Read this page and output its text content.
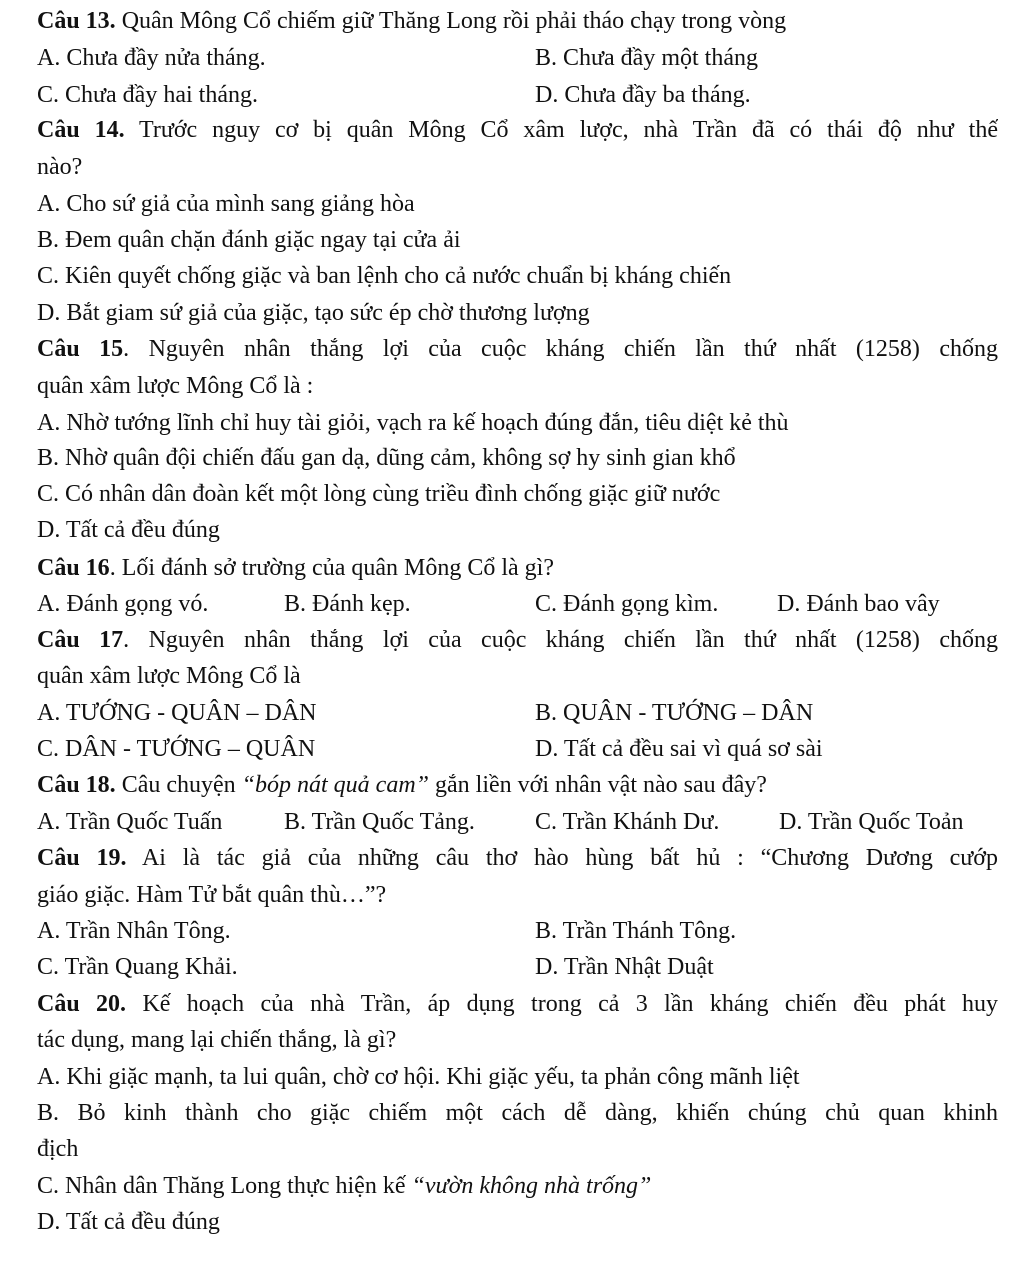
Câu 13. Quân Mông Cổ chiếm giữ Thăng Long rồi phải tháo chạy trong vòng
A. Chưa đầy nửa tháng.	B. Chưa đầy một tháng
C. Chưa đầy hai tháng.	D. Chưa đầy ba tháng.
Câu 14. Trước nguy cơ bị quân Mông Cổ xâm lược, nhà Trần đã có thái độ như thế
nào?
A. Cho sứ giả của mình sang giảng hòa
B. Đem quân chặn đánh giặc ngay tại cửa ải
C. Kiên quyết chống giặc và ban lệnh cho cả nước chuẩn bị kháng chiến
D. Bắt giam sứ giả của giặc, tạo sức ép chờ thương lượng
Câu 15. Nguyên nhân thắng lợi của cuộc kháng chiến lần thứ nhất (1258) chống
quân xâm lược Mông Cổ là :
A. Nhờ tướng lĩnh chỉ huy tài giỏi, vạch ra kế hoạch đúng đắn, tiêu diệt kẻ thù
B. Nhờ quân đội chiến đấu gan dạ, dũng cảm, không sợ hy sinh gian khổ
C. Có nhân dân đoàn kết một lòng cùng triều đình chống giặc giữ nước
D. Tất cả đều đúng
Câu 16. Lối đánh sở trường của quân Mông Cổ là gì?
A. Đánh gọng vó.	B. Đánh kẹp.	C. Đánh gọng kìm. D. Đánh bao vây
Câu 17. Nguyên nhân thắng lợi của cuộc kháng chiến lần thứ nhất (1258) chống
quân xâm lược Mông Cổ là
A. TƯỚNG - QUÂN – DÂN	B. QUÂN - TƯỚNG – DÂN
C. DÂN - TƯỚNG – QUÂN	D. Tất cả đều sai vì quá sơ sài
Câu 18. Câu chuyện “bóp nát quả cam” gắn liền với nhân vật nào sau đây?
A. Trần Quốc Tuấn	B. Trần Quốc Tảng.	C. Trần Khánh Dư. D. Trần Quốc Toản
Câu 19. Ai là tác giả của những câu thơ hào hùng bất hủ : “Chương Dương cướp
giáo giặc. Hàm Tử bắt quân thù…”?
A. Trần Nhân Tông.	B. Trần Thánh Tông.
C. Trần Quang Khải.	D. Trần Nhật Duật
Câu 20. Kế hoạch của nhà Trần, áp dụng trong cả 3 lần kháng chiến đều phát huy
tác dụng, mang lại chiến thắng, là gì?
A. Khi giặc mạnh, ta lui quân, chờ cơ hội. Khi giặc yếu, ta phản công mãnh liệt
B. Bỏ kinh thành cho giặc chiếm một cách dễ dàng, khiến chúng chủ quan khinh
địch
C. Nhân dân Thăng Long thực hiện kế “vườn không nhà trống”
D. Tất cả đều đúng
